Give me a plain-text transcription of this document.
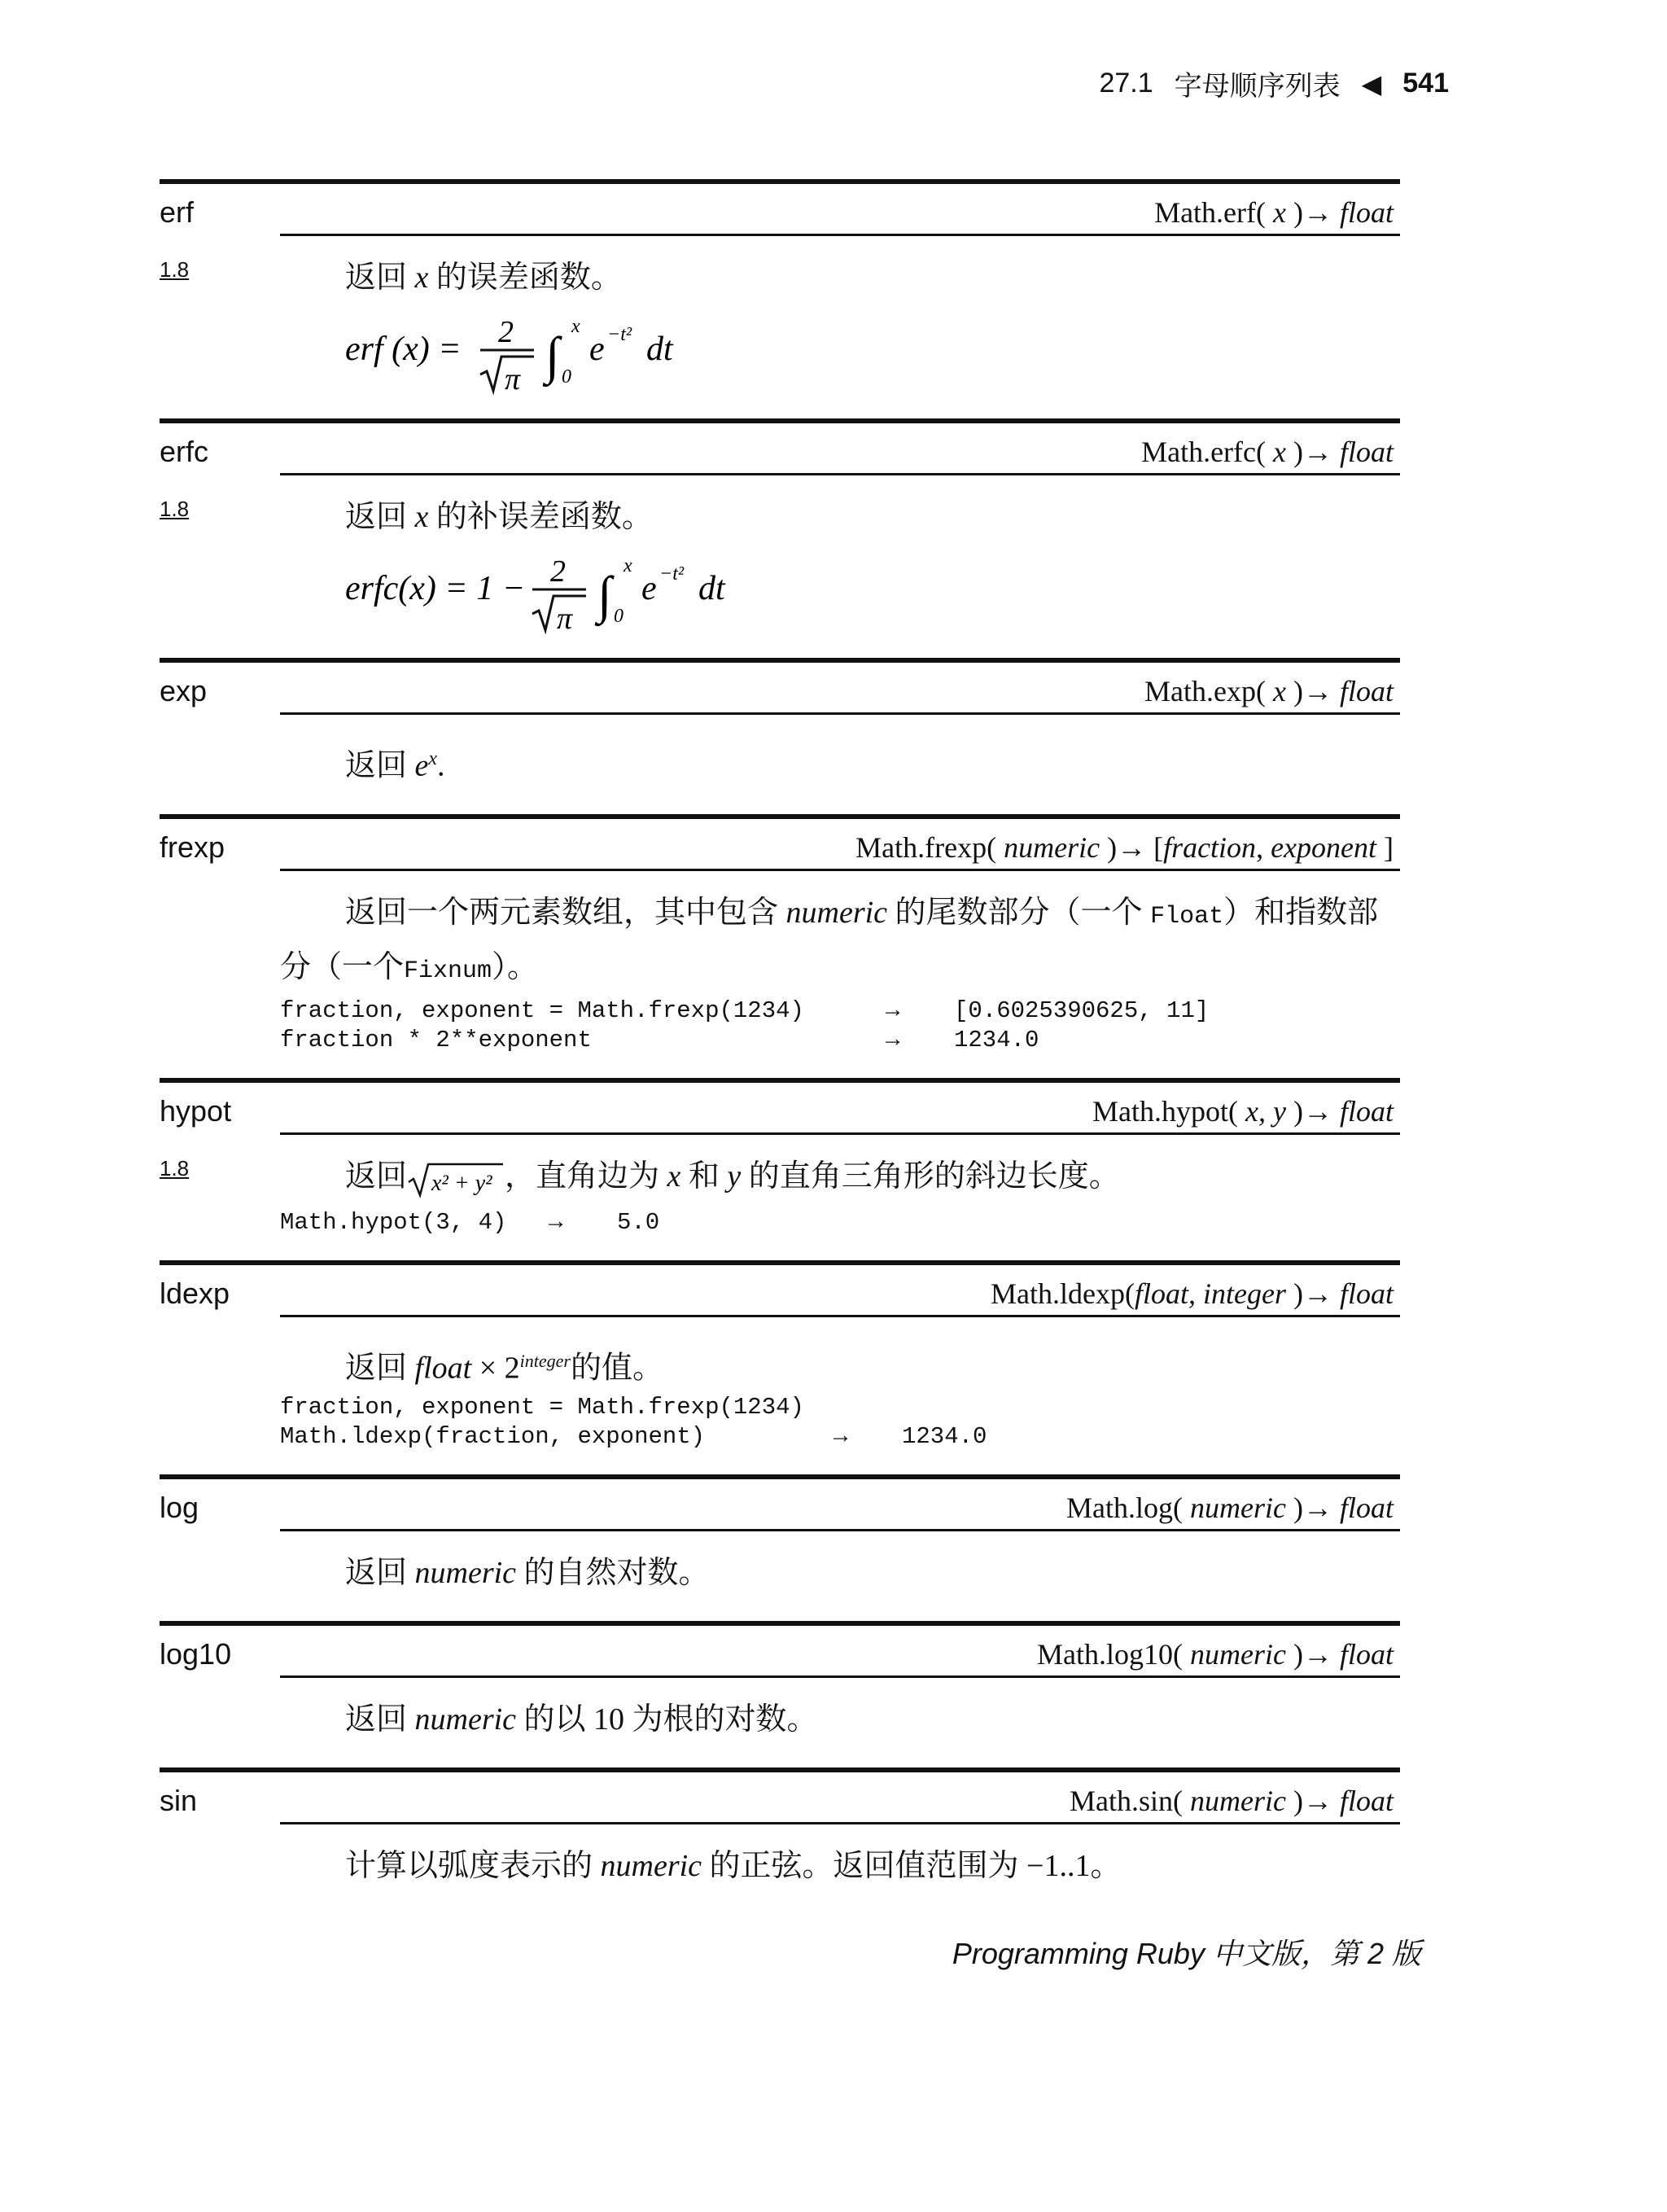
27.1 字母顺序列表 ◀ 541
erf	Math.erf( x )→ float
1.8	返回 x 的误差函数。
erf (x) = 2
π ∫ x
0
e −t² dt
erfc	Math.erfc( x )→ float
1.8	返回 x 的补误差函数。
erfc(x) = 1 − 2
π ∫ x
0
e −t² dt
exp	Math.exp( x )→ float
返回 $e^x$.
frexp	Math.frexp( numeric )→ [fraction, exponent ]
返回一个两元素数组，其中包含 numeric 的尾数部分（一个 Float）和指数部
分（一个Fixnum）。
fraction, exponent = Math.frexp(1234)	→ [0.6025390625, 11]
fraction * 2**exponent	→ 1234.0
hypot	Math.hypot( x, y )→ float
1.8	返回 x² + y² ，直角边为 x 和 y 的直角三角形的斜边长度。
Math.hypot(3, 4) → 5.0
ldexp	Math.ldexp(float, integer )→ float
返回 float × $2^{integer}$的值。
fraction, exponent = Math.frexp(1234)
Math.ldexp(fraction, exponent)	→ 1234.0
log	Math.log( numeric )→ float
返回 numeric 的自然对数。
log10	Math.log10( numeric )→ float
返回 numeric 的以 10 为根的对数。
sin	Math.sin( numeric )→ float
计算以弧度表示的 numeric 的正弦。返回值范围为 −1..1。
Programming Ruby 中文版，第 2 版
